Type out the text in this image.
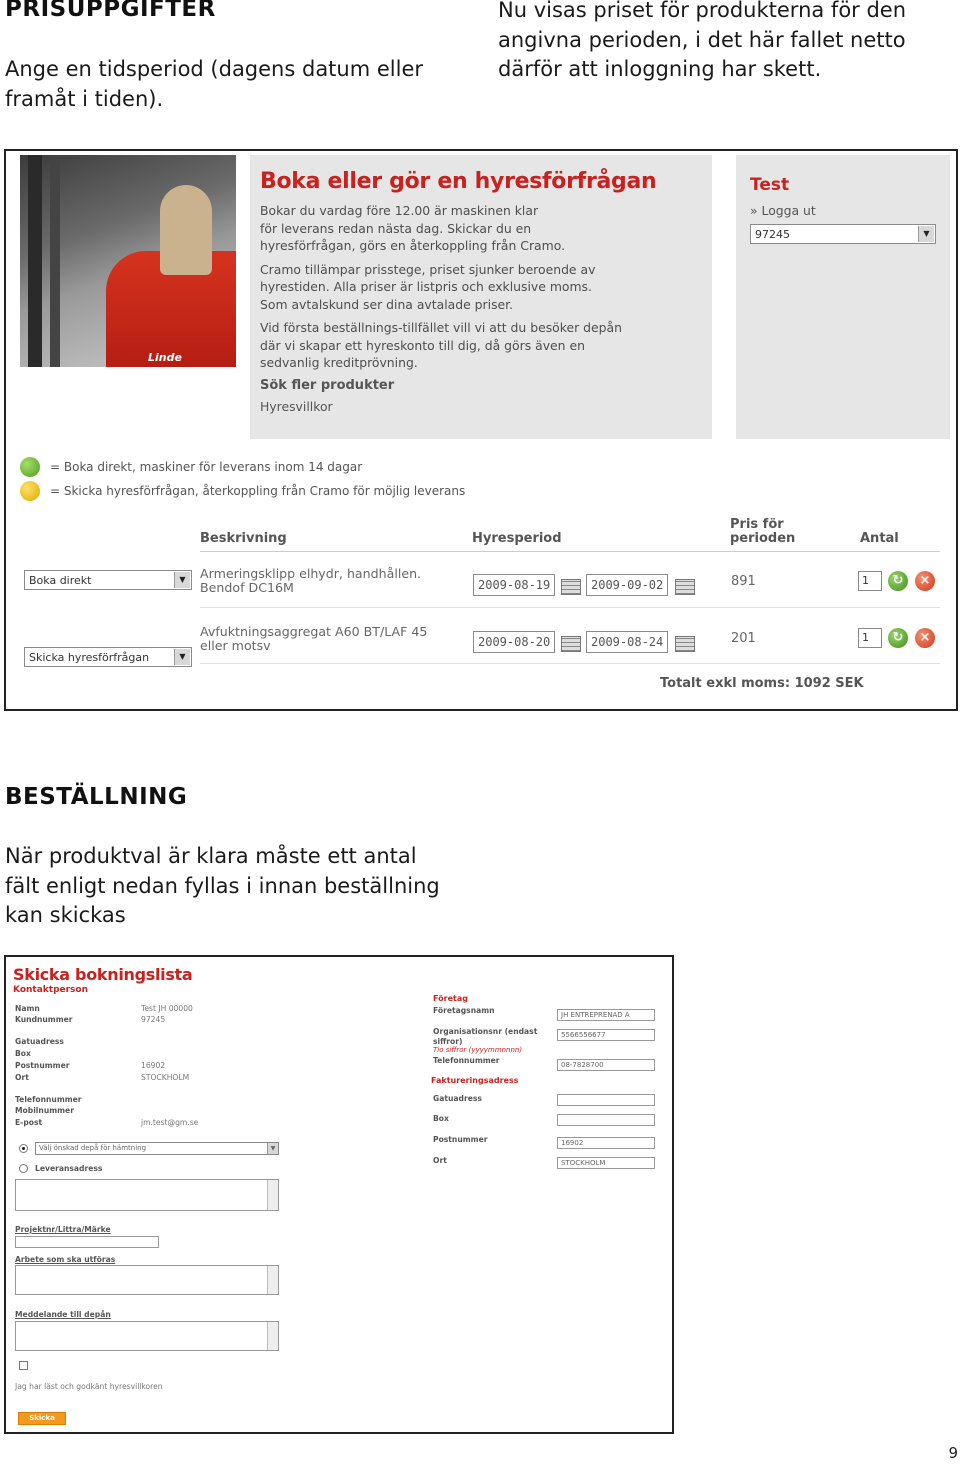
PRISUPPGIFTER
Ange en tidsperiod (dagens datum eller
framåt i tiden).
Nu visas priset för produkterna för den
angivna perioden, i det här fallet netto
därför att inloggning har skett.
Linde
Boka eller gör en hyresförfrågan
Bokar du vardag före 12.00 är maskinen klar
för leverans redan nästa dag. Skickar du en
hyresförfrågan, görs en återkoppling från Cramo.
Cramo tillämpar prisstege, priset sjunker beroende av
hyrestiden. Alla priser är listpris och exklusive moms.
Som avtalskund ser dina avtalade priser.
Vid första beställnings-tillfället vill vi att du besöker depån
där vi skapar ett hyreskonto till dig, då görs även en
sedvanlig kreditprövning.
Sök fler produkter
Hyresvillkor
Test
» Logga ut
97245	▼
= Boka direkt, maskiner för leverans inom 14 dagar
= Skicka hyresförfrågan, återkoppling från Cramo för möjlig leverans
Beskrivning	Hyresperiod
Pris för
perioden	Antal
Boka direkt	▼	Armeringsklipp elhydr, handhållen.
Bendof DC16M	2009-08-19	2009-09-02	891	1	↻	×
Skicka hyresförfrågan	▼
Avfuktningsaggregat A60 BT/LAF 45
eller motsv	2009-08-20	2009-08-24	201	1	↻	×
Totalt exkl moms: 1092 SEK
BESTÄLLNING
När produktval är klara måste ett antal
fält enligt nedan fyllas i innan beställning
kan skickas
Skicka bokningslista
Kontaktperson
Namn	Test JH 00000
Kundnummer	97245
Gatuadress
Box
Postnummer	16902
Ort	STOCKHOLM
Telefonnummer
Mobilnummer
E-post	jm.test@gm.se
Välj önskad depå för hämtning	▼
Leveransadress
Projektnr/Littra/Märke
Arbete som ska utföras
Meddelande till depån
Jag har läst och godkänt hyresvillkoren
Skicka
Företag
Företagsnamn	JH ENTREPRENAD A
Organisationsnr (endast siffror)
5566556677
Tio siffror (yyyymmnnnn)
Telefonnummer	08-7828700
Faktureringsadress
Gatuadress
Box
Postnummer	16902
Ort	STOCKHOLM
9
